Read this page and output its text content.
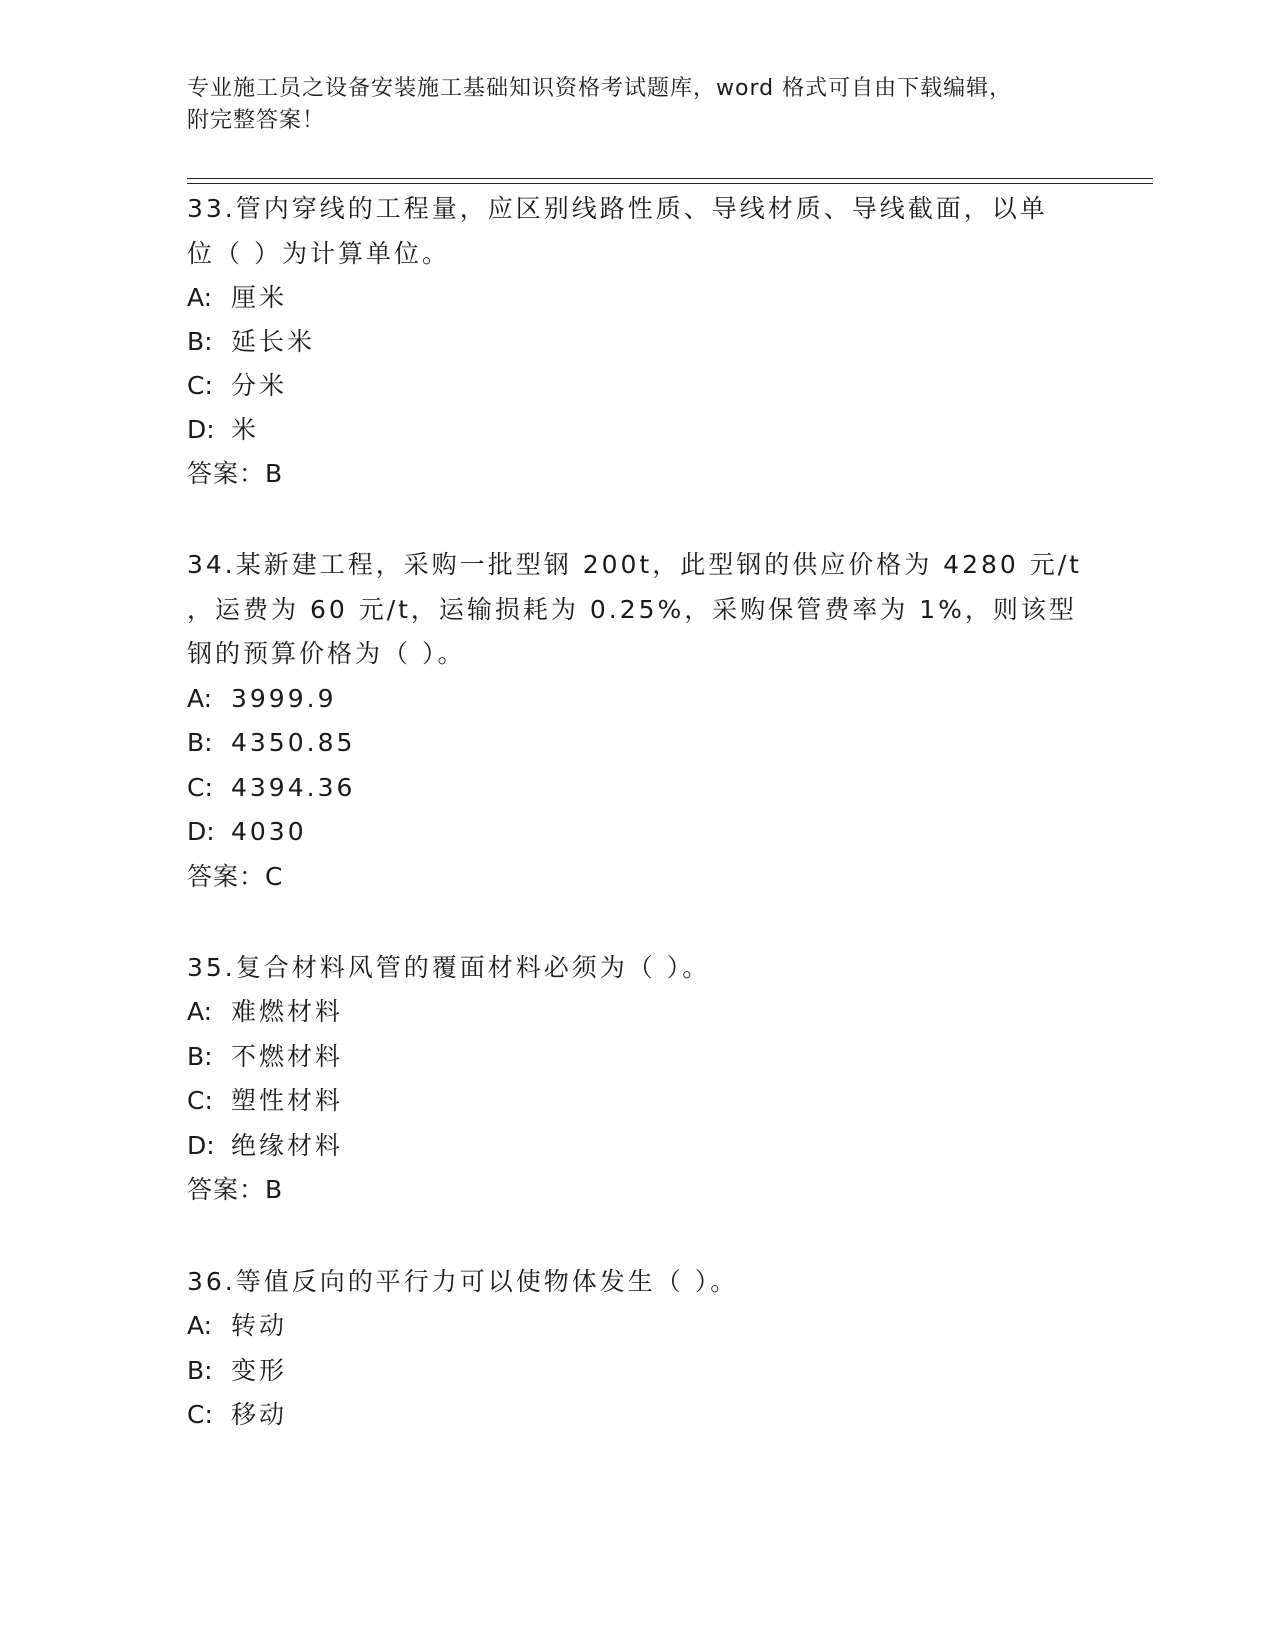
专业施工员之设备安装施工基础知识资格考试题库，word 格式可自由下载编辑，
附完整答案！
33.管内穿线的工程量，应区别线路性质、导线材质、导线截面，以单
位（ ）为计算单位。
A: 厘米
B: 延长米
C: 分米
D: 米
答案：B
34.某新建工程，采购一批型钢 200t，此型钢的供应价格为 4280 元/t
，运费为 60 元/t，运输损耗为 0.25%，采购保管费率为 1%，则该型
钢的预算价格为（ ）。
A: 3999.9
B: 4350.85
C: 4394.36
D: 4030
答案：C
35.复合材料风管的覆面材料必须为（ ）。
A: 难燃材料
B: 不燃材料
C: 塑性材料
D: 绝缘材料
答案：B
36.等值反向的平行力可以使物体发生（ ）。
A: 转动
B: 变形
C: 移动
